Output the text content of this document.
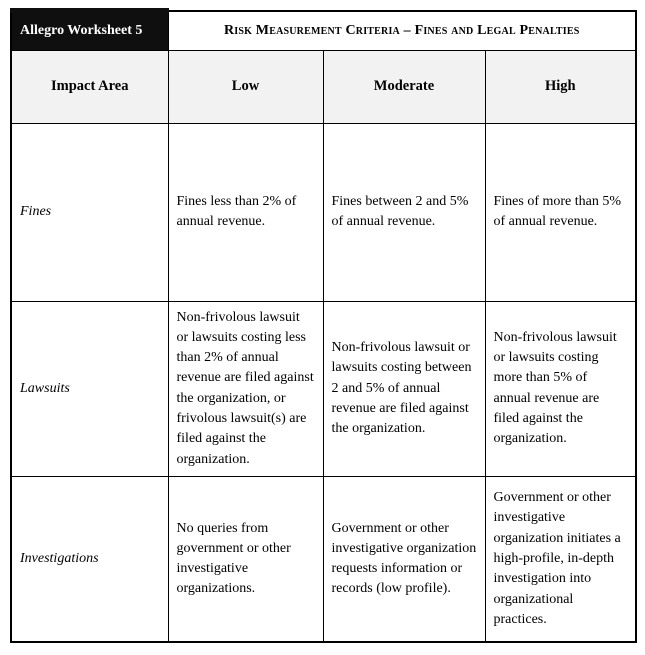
Allegro Worksheet 5	Risk Measurement Criteria – Fines and Legal Penalties		
Impact Area	Low	Moderate	High
Fines	Fines less than 2% of annual revenue.	Fines between 2 and 5% of annual revenue.	Fines of more than 5% of annual revenue.
Lawsuits	Non-frivolous lawsuit or lawsuits costing less than 2% of annual revenue are filed against the organization, or frivolous lawsuit(s) are filed against the organization.	Non-frivolous lawsuit or lawsuits costing between 2 and 5% of annual revenue are filed against the organization.	Non-frivolous lawsuit or lawsuits costing more than 5% of annual revenue are filed against the organization.
Investigations	No queries from government or other investigative organizations.	Government or other investigative organization requests information or records (low profile).	Government or other investigative organization initiates a high-profile, in-depth investigation into organizational practices.
